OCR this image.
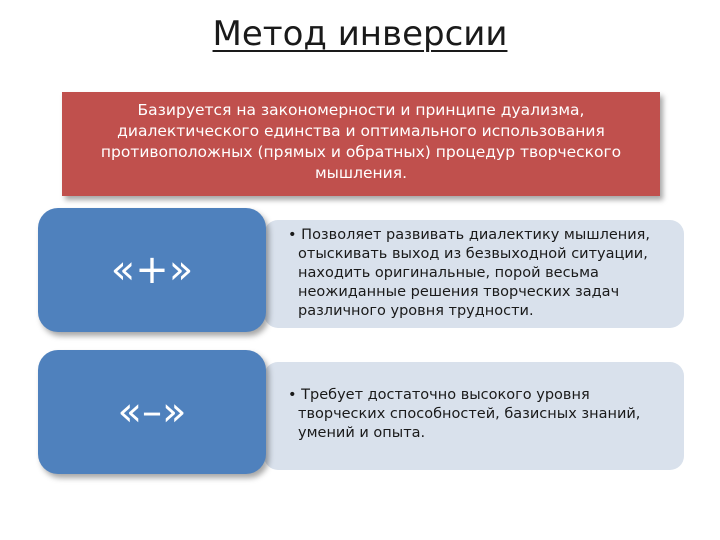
Метод инверсии
Базируется на закономерности и принципе дуализма, диалектического единства и оптимального использования противоположных (прямых и обратных) процедур творческого мышления.
• Позволяет развивать диалектику мышления, отыскивать выход из безвыходной ситуации, находить оригинальные, порой весьма неожиданные решения творческих задач различного уровня трудности.
«+»
• Требует достаточно высокого уровня творческих способностей, базисных знаний, умений и опыта.
«–»
